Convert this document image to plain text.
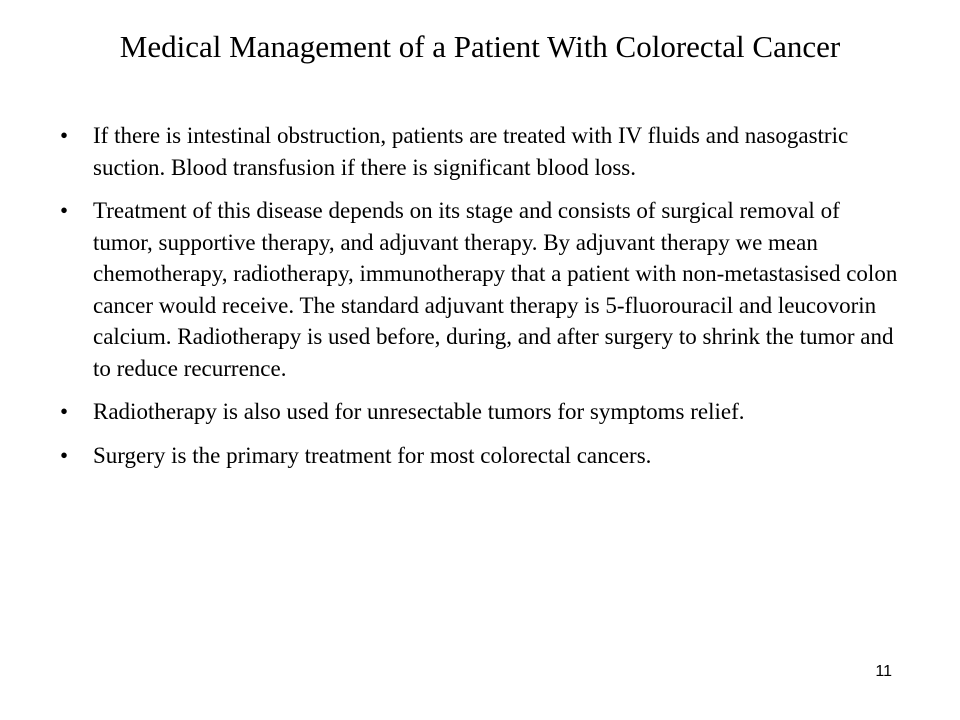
Medical Management of a Patient With Colorectal Cancer
• If there is intestinal obstruction, patients are treated with IV fluids and nasogastric suction. Blood transfusion if there is significant blood loss.
• Treatment of this disease depends on its stage and consists of surgical removal of tumor, supportive therapy, and adjuvant therapy. By adjuvant therapy we mean chemotherapy, radiotherapy, immunotherapy that a patient with non-metastasised colon cancer would receive. The standard adjuvant therapy is 5-fluorouracil and leucovorin calcium. Radiotherapy is used before, during, and after surgery to shrink the tumor and to reduce recurrence.
• Radiotherapy is also used for unresectable tumors for symptoms relief.
• Surgery is the primary treatment for most colorectal cancers.
11
